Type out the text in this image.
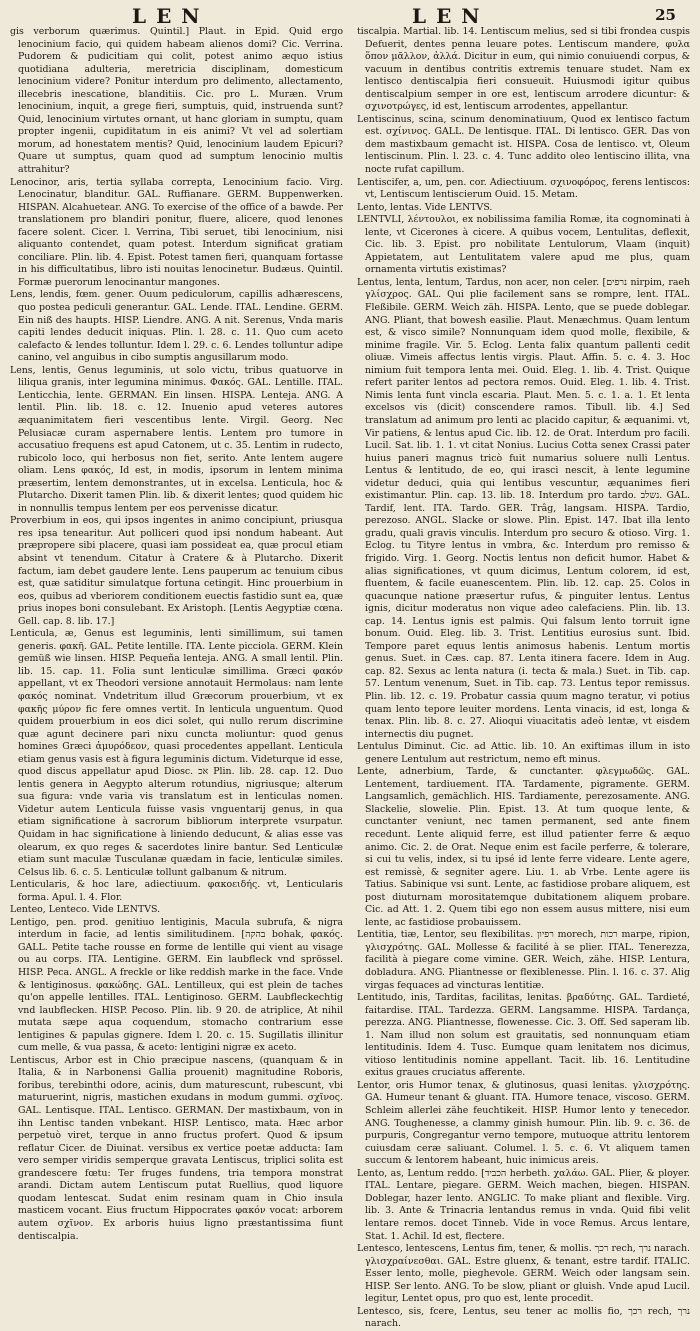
LEN	LEN	25

gis verborum quærimus. Quintil.] Plaut. in Epid. Quid ergo lenocinium facio, qui quidem habeam alienos domi? Cic. Verrina. Pudorem & pudicitiam qui colit, potest animo æquo istius quotidiana adulteria, meretricia disciplinam, domesticum lenocinium videre? Ponitur interdum pro delimento, allectamento, illecebris inescatione, blanditiis. Cic. pro L. Muræn. Vrum lenocinium, inquit, a grege fieri, sumptuis, quid, instruenda sunt? Quid, lenocinium virtutes ornant, ut hanc gloriam in sumptu, quam propter ingenii, cupiditatum in eis animi? Vt vel ad solertiam morum, ad honestatem mentis? Quid, lenocinium laudem Epicuri? Quare ut sumptus, quam quod ad sumptum lenocinio multis attrahitur?

Lenocinor, aris, tertia syllaba correpta, Lenocinium facio. Virg. Lenocinatur, blanditur. GAL. Ruffianare. GERM. Buppenwerken. HISPAN. Alcahuetear. ANG. To exercise of the office of a bawde. Per translationem pro blandiri ponitur, fluere, alicere, quod lenones facere solent. Cicer. l. Verrina, Tibi seruet, tibi lenocinium, nisi aliquanto contendet, quam potest. Interdum significat gratiam conciliare. Plin. lib. 4. Epist. Potest tamen fieri, quanquam fortasse in his difficultatibus, libro isti nouitas lenocinetur. Budæus. Quintil. Formæ puerorum lenocinantur mangones.

Lens, lendis, fœm. gener. Ouum pediculorum, capillis adhærescens, quo postea pediculi generantur. GAL. Lende. ITAL. Lendine. GERM. Ein niß des haupts. HISP. Liendre. ANG. A nit. Serenus, Vnda maris capiti lendes deducit iniquas. Plin. l. 28. c. 11. Quo cum aceto calefacto & lendes tolluntur. Idem l. 29. c. 6. Lendes tolluntur adipe canino, vel anguibus in cibo sumptis angusillarum modo.

Lens, lentis, Genus leguminis, ut solo victu, tribus quatuorve in liliqua granis, inter legumina minimus. Φακός. GAL. Lentille. ITAL. Lenticchia, lente. GERMAN. Ein linsen. HISPA. Lenteja. ANG. A lentil. Plin. lib. 18. c. 12. Inuenio apud veteres autores æquanimitatem fieri vescentibus lente. Virgil. Georg. Nec Pelusiacæ curam aspernabere lentis. Lentem pro tumore in accusatiuo frequens est apud Catonem, ut c. 35. Lentim in rudecto, rubicolo loco, qui herbosus non fiet, serito. Ante lentem augere oliam. Lens φακός, Id est, in modis, ipsorum in lentem minima præsertim, lentem demonstrantes, ut in excelsa. Lenticula, hoc & Plutarcho. Dixerit tamen Plin. lib. & dixerit lentes; quod quidem hic in nonnullis tempus lentem per eos pervenisse dicatur.

Proverbium in eos, qui ipsos ingentes in animo concipiunt, priusqua res ipsa tenearitur. Aut polliceri quod ipsi nondum habeant. Aut præpropere sibi placere, quasi iam possideat ea, quæ procul etiam absint vt tenendum. Citatur à Cratere & à Plutarcho. Dixerit factum, iam debet gaudere lente. Lens pauperum ac tenuium cibus est, quæ satiditur simulatque fortuna cetingit. Hinc prouerbium in eos, quibus ad vberiorem conditionem euectis fastidio sunt ea, quæ prius inopes boni consulebant. Ex Aristoph. [Lentis Aegyptiæ cœna. Gell. cap. 8. lib. 17.]

Lenticula, æ, Genus est leguminis, lenti simillimum, sui tamen generis. φακῆ. GAL. Petite lentille. ITA. Lente picciola. GERM. Klein gemüß wie linsen. HISP. Pequeña lenteja. ANG. A small lentil. Plin. lib. 15. cap. 11. Folia sunt lenticulæ simillima. Græci φακόν appellant, vt ex Theodori versione annotauit Hermolaus: nam lente φακός nominat. Vndetritum illud Græcorum prouerbium, vt ex φακῆς μύρον fic fere omnes vertit. In lenticula unguentum. Quod quidem prouerbium in eos dici solet, qui nullo rerum discrimine quæ agunt decinere pari nixu cuncta moliuntur: quod genus homines Græci ἀμυρόδεον, quasi procedentes appellant. Lenticula etiam genus vasis est à figura leguminis dictum. Videturque id esse, quod discus appellatur apud Diosc. אכ Plin. lib. 28. cap. 12. Duo lentis genera in Aegypto alterum rotundius, nigriusque; alterum sua figura: vnde varia vis translatum est in lenticulas nomen. Videtur autem Lenticula fuisse vasis vnguentarij genus, in qua etiam significatione à sacrorum bibliorum interprete vsurpatur. Quidam in hac significatione à liniendo deducunt, & alias esse vas olearum, ex quo reges & sacerdotes linire bantur. Sed Lenticulæ etiam sunt maculæ Tusculanæ quædam in facie, lenticulæ similes. Celsus lib. 6. c. 5. Lenticulæ tollunt galbanum & nitrum.

Lenticularis, & hoc lare, adiectiuum. φακοειδής. vt, Lenticularis forma. Apul. l. 4. Flor.

Lenteo, Lenteco. Vide LENTVS.

Lentigo, pen. prod. genitiuo lentiginis, Macula subrufa, & nigra interdum in facie, ad lentis similitudinem. [בהקה bohak, φακός. GALL. Petite tache rousse en forme de lentille qui vient au visage ou au corps. ITA. Lentigine. GERM. Ein laubfleck vnd sprössel. HISP. Peca. ANGL. A freckle or like reddish marke in the face. Vnde & lentiginosus. φακώδης. GAL. Lentilleux, qui est plein de taches qu'on appelle lentilles. ITAL. Lentiginoso. GERM. Laubfleckechtig vnd laubflecken. HISP. Pecoso. Plin. lib. 9 20. de atriplice, At nihil mutata sæpe aqua coquendum, stomacho contrarium esse lentigines & papulas gignere. Idem l. 20. c. 15. Sugillatis illinitur cum melle, & vua passa, & aceto: lentigini nigræ ex aceto.

Lentiscus, Arbor est in Chio præcipue nascens, (quanquam & in Italia, & in Narbonensi Gallia prouenit) magnitudine Roboris, foribus, terebinthi odore, acinis, dum maturescunt, rubescunt, vbi maturuerint, nigris, mastichen exudans in modum gummi. σχῖνος. GAL. Lentisque. ITAL. Lentisco. GERMAN. Der mastixbaum, von in ihn Lentisc tanden vnbekant. HISP. Lentisco, mata. Hæc arbor perpetuò viret, terque in anno fructus profert. Quod & ipsum reflatur Cicer. de Diuinat. versibus ex vertice poetæ adducta: Iam vero semper viridis semperque gravata Lentiscus, triplici solita est grandescere fœtu: Ter fruges fundens, tria tempora monstrat arandi. Dictam autem Lentiscum putat Ruellius, quod liquore quodam lentescat. Sudat enim resinam quam in Chio insula masticem vocant. Eius fructum Hippocrates φακόν vocat: arborem autem σχῖνον. Ex arboris huius ligno præstantissima fiunt dentiscalpia.

tiscalpia. Martial. lib. 14. Lentiscum melius, sed si tibi frondea cuspis Defuerit, dentes penna leuare potes. Lentiscum mandere, φυλα ὅπον μᾶλλον, ἀλλά. Dicitur in eum, qui nimio conuiuendi corpus, & vacuum in dentibus contritis extremis tenuare studet. Nam ex lentisco dentiscalpia fieri consueuit. Huiusmodi igitur quibus dentiscalpium semper in ore est, lentiscum arrodere dicuntur: & σχινοτρώγες, id est, lentiscum arrodentes, appellantur.

Lentiscinus, scina, scinum denominatiuum, Quod ex lentisco factum est. σχίνινος. GALL. De lentisque. ITAL. Di lentisco. GER. Das von dem mastixbaum gemacht ist. HISPA. Cosa de lentisco. vt, Oleum lentiscinum. Plin. l. 23. c. 4. Tunc addito oleo lentiscino illita, vna nocte rufat capillum.

Lentiscifer, a, um, pen. cor. Adiectiuum. σχινοφόρος, ferens lentiscos: vt, Lentiscum lentiscierum Ouid. 15. Metam.

Lento, lentas. Vide LENTVS.

LENTVLI, λέντουλοι, ex nobilissima familia Romæ, ita cognominati à lente, vt Cicerones à cicere. A quibus vocem, Lentulitas, deflexit, Cic. lib. 3. Epist. pro nobilitate Lentulorum, Vlaam (inquit) Appietatem, aut Lentulitatem valere apud me plus, quam ornamenta virtutis existimas?

Lentus, lenta, lentum, Tardus, non acer, non celer. [נרפים nirpim, raeh γλίσχρος. GAL. Qui plie facilement sans se rompre, lent. ITAL. Fleßibile. GERM. Weich zäh. HISPA. Lento, que se puede doblegar. ANG. Pliant, that bowesh easilie. Plaut. Menæchmus. Quam lentum est, & visco simile? Nonnunquam idem quod molle, flexibile, & minime fragile. Vir. 5. Eclog. Lenta falix quantum pallenti cedit oliuæ. Vimeis affectus lentis virgis. Plaut. Affin. 5. c. 4. 3. Hoc nimium fuit tempora lenta mei. Ouid. Eleg. 1. lib. 4. Trist. Quique refert pariter lentos ad pectora remos. Ouid. Eleg. 1. lib. 4. Trist. Nimis lenta funt vincla escaria. Plaut. Men. 5. c. 1. a. 1. Et lenta excelsos vis (dicit) conscendere ramos. Tibull. lib. 4.] Sed translatum ad animum pro lenti ac placido capitur, & æquanimi. vt, Vir patiens, & lentus apud Cic. lib. 12. de Orat. Interdum pro facili. Lucil. Sat. lib. 1. 1. vt citat Nonius. Lucius Cotta senex Crassi pater huius paneri magnus tricò fuit numarius soluere nulli Lentus. Lentus & lentitudo, de eo, qui irasci nescit, à lente legumine videtur deduci, quia qui lentibus vescuntur, æquanimes fieri existimantur. Plin. cap. 13. lib. 18. Interdum pro tardo. נשלב. GAL. Tardif, lent. ITA. Tardo. GER. Trâg, langsam. HISPA. Tardio, perezoso. ANGL. Slacke or slowe. Plin. Epist. 147. Ibat illa lento gradu, quali gravis vinculis. Interdum pro securo & otioso. Virg. 1. Eclog. tu Tityre lentus in vmbra, &c. Interdum pro remisso & frigido. Virg. 1. Georg. Noctis lentus non deficit humor. Habet & alias significationes, vt quum dicimus, Lentum colorem, id est, fluentem, & facile euanescentem. Plin. lib. 12. cap. 25. Colos in quacunque natione præsertur rufus, & pinguiter lentus. Lentus ignis, dicitur moderatus non vique adeo calefaciens. Plin. lib. 13. cap. 14. Lentus ignis est palmis. Qui falsum lento torruit igne bonum. Ouid. Eleg. lib. 3. Trist. Lentitius eurosius sunt. Ibid. Tempore paret equus lentis animosus habenis. Lentum mortis genus. Suet. in Cæs. cap. 87. Lenta itinera facere. Idem in Aug. cap. 82. Sexus ac lenta natura (i. tecta & mala.) Suet. in Tib. cap. 57. Lentum venenum, Suet. in Tib. cap. 73. Lentus tepor remissus. Plin. lib. 12. c. 19. Probatur cassia quum magno teratur, vi potius quam lento tepore leuiter mordens. Lenta vinacis, id est, longa & tenax. Plin. lib. 8. c. 27. Alioqui viuacitatis adeò lentæ, vt eisdem internectis diu pugnet.

Lentulus Diminut. Cic. ad Attic. lib. 10. An exiftimas illum in isto genere Lentulum aut restrictum, nemo eft minus.

Lente, adnerbium, Tarde, & cunctanter. φλεγμωδῶς. GAL. Lentement, tardiuement. ITA. Tardamente, pigramente. GERM. Langsamlich, gemächlich. HIS. Tardiamente, perezosamente. ANG. Slackelie, slowelie. Plin. Epist. 13. At tum quoque lente, & cunctanter veniunt, nec tamen permanent, sed ante finem recedunt. Lente aliquid ferre, est illud patienter ferre & æquo animo. Cic. 2. de Orat. Neque enim est facile perferre, & tolerare, si cui tu velis, index, si tu ipsé id lente ferre videare. Lente agere, est remissè, & segniter agere. Liu. 1. ab Vrbe. Lente agere iis Tatius. Sabinique vsi sunt. Lente, ac fastidiose probare aliquem, est post diuturnam morositatemque dubitationem aliquem probare. Cic. ad Att. 1. 2. Quem tibi ego non essem ausus mittere, nisi eum lente, ac fastidiose probauissem.

Lentitia, tiæ, Lentor, seu flexibilitas. רפיון morech, רכות marpe, ripion, γλισχρότης. GAL. Mollesse & facilité à se plier. ITAL. Tenerezza, facilità à piegare come vimine. GER. Weich, zähe. HISP. Lentura, dobladura. ANG. Pliantnesse or flexiblenesse. Plin. l. 16. c. 37. Alig virgas fequaces ad vincturas lentitiæ.

Lentitudo, inis, Tarditas, facilitas, lenitas. βραδύτης. GAL. Tardieté, faitardise. ITAL. Tardezza. GERM. Langsamme. HISPA. Tardança, perezza. ANG. Pliantnesse, flowenesse. Cic. 3. Off. Sed saperam lib. 1. Nam illud non solum est grauitatis, sed nonnunquam etiam lentitudinis. Idem 4. Tusc. Eumque quam lenitatem nos dicimus, vitioso lentitudinis nomine appellant. Tacit. lib. 16. Lentitudine exitus graues cruciatus afferente.

Lentor, oris Humor tenax, & glutinosus, quasi lenitas. γλισχρότης. GA. Humeur tenant & gluant. ITA. Humore tenace, viscoso. GERM. Schleim allerlei zähe feuchtikeit. HISP. Humor lento y tenecedor. ANG. Toughenesse, a clammy ginish humour. Plin. lib. 9. c. 36. de purpuris, Congregantur verno tempore, mutuoque attritu lentorem cuiusdam ceræ saliuant. Columel. l. 5. c. 6. Vt aliquem tamen succum & lentorem habeant, huic inimicus areis.

Lento, as, Lentum reddo. [הכביד herbeth. χαλάω. GAL. Plier, & ployer. ITAL. Lentare, piegare. GERM. Weich machen, biegen. HISPAN. Doblegar, hazer lento. ANGLIC. To make pliant and flexible. Virg. lib. 3. Ante & Trinacria lentandus remus in vnda. Quid fibi velit lentare remos. docet Tinneb. Vide in voce Remus. Arcus lentare, Stat. 1. Achil. Id est, flectere.

Lentesco, lentescens, Lentus fim, tener, & mollis. רכך rech, נרך narach. γλισχραίνεσθαι. GAL. Estre gluenx, & tenant, estre tardif. ITALIC. Esser lento, molle, pieghevole. GERM. Weich oder langsam sein. HISP. Ser lento. ANG. To be slow, pliant or gluish. Vnde apud Lucil. legitur, Lentet opus, pro quo est, lente procedit.

Lentesco, sis, fcere, Lentus, seu tener ac mollis fio, רכך rech, נרך narach.
